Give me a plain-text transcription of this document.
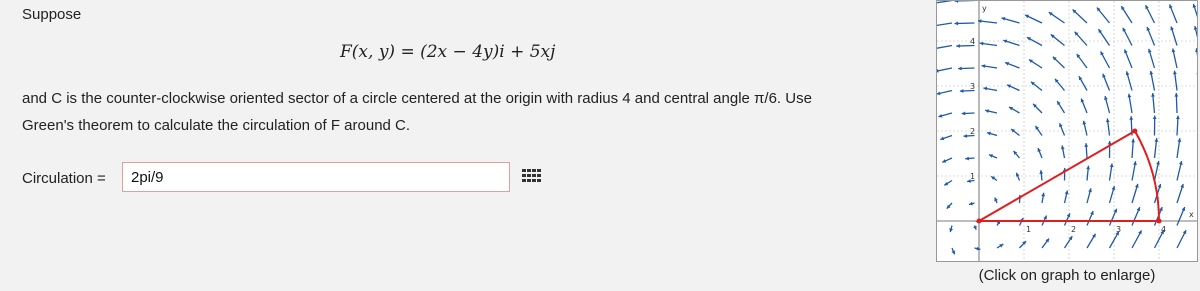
Suppose
F(x, y) = (2x − 4y)i + 5xj
and C is the counter-clockwise oriented sector of a circle centered at the origin with radius 4 and central angle π/6. Use
Green's theorem to calculate the circulation of F around C.
Circulation =
2pi/9
1	2	3	4
1
2
3
4
y
x
(Click on graph to enlarge)
